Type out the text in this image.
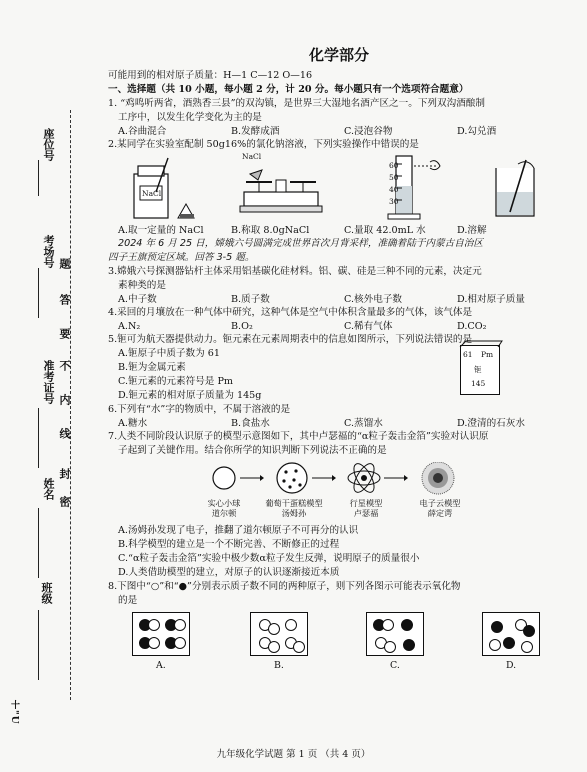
座位号
考场号
准考证号
姓名
班级
题
答
要
不
内
线
封
密
十"U
化学部分
可能用到的相对原子质量：H—1 C—12 O—16
一、选择题（共 10 小题，每小题 2 分，计 20 分。每小题只有一个选项符合题意）
1. “鸡鸣听两省，酒熟香三县”的双沟镇，是世界三大湿地名酒产区之一。下列双沟酒酿制
工序中，以发生化学变化为主的是
A.谷曲混合	B.发酵成酒	C.浸泡谷物	D.勾兑酒
2.某同学在实验室配制 50g16%的氯化钠溶液，下列实验操作中错误的是
NaCl
NaCl
60
50
40
30
A.取一定量的 NaCl	B.称取 8.0gNaCl	C.量取 42.0mL 水	D.溶解
2024 年 6 月 25 日，嫦娥六号圆满完成世界首次月背采样，准确着陆于内蒙古自治区
四子王旗预定区域。回答 3-5 题。
3.嫦娥六号探测器钻杆主体采用铝基碳化硅材料。铝、碳、硅是三种不同的元素，决定元
素种类的是
A.中子数	B.质子数	C.核外电子数	D.相对原子质量
4.采回的月壤放在一种气体中研究，这种气体是空气中体积含量最多的气体，该气体是
A.N₂	B.O₂	C.稀有气体	D.CO₂
5.钷可为航天器提供动力。钷元素在元素周期表中的信息如图所示，下列说法错误的是
A.钷原子中质子数为 61
B.钷为金属元素
C.钷元素的元素符号是 Pm
D.钷元素的相对原子质量为 145g
61 Pm
钷
145
6.下列有“水”字的物质中，不属于溶液的是
A.糖水	B.食盐水	C.蒸馏水	D.澄清的石灰水
7.人类不同阶段认识原子的模型示意图如下，其中卢瑟福的“α粒子轰击金箔”实验对认识原
子起到了关键作用。结合你所学的知识判断下列说法不正确的是
实心小球
道尔顿
葡萄干蛋糕模型
汤姆孙
行星模型
卢瑟福
电子云模型
薛定谔
A.汤姆孙发现了电子，推翻了道尔顿原子不可再分的认识
B.科学模型的建立是一个不断完善、不断修正的过程
C.“α粒子轰击金箔”实验中极少数α粒子发生反弹，说明原子的质量很小
D.人类借助模型的建立，对原子的认识逐渐接近本质
8.下图中“○”和“●”分别表示质子数不同的两种原子，则下列各图示可能表示氧化物
的是
A.	B.	C.	D.
九年级化学试题 第 1 页 （共 4 页）
